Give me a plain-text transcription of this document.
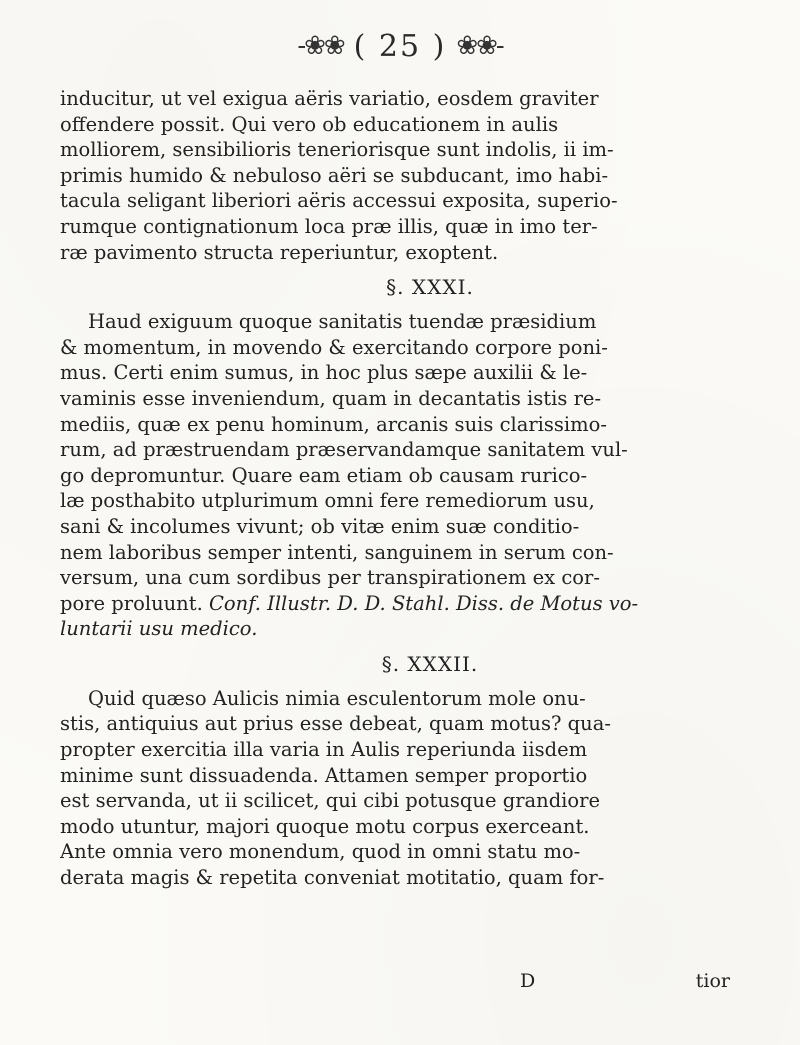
-❀❀ ( 25 ) ❀❀-
inducitur, ut vel exigua aëris variatio, eosdem graviter
offendere possit. Qui vero ob educationem in aulis
molliorem, sensibilioris teneriorisque sunt indolis, ii im-
primis humido & nebuloso aëri se subducant, imo habi-
tacula seligant liberiori aëris accessui exposita, superio-
rumque contignationum loca præ illis, quæ in imo ter-
ræ pavimento structa reperiuntur, exoptent.
§. XXXI.
Haud exiguum quoque sanitatis tuendæ præsidium
& momentum, in movendo & exercitando corpore poni-
mus. Certi enim sumus, in hoc plus sæpe auxilii & le-
vaminis esse inveniendum, quam in decantatis istis re-
mediis, quæ ex penu hominum, arcanis suis clarissimo-
rum, ad præstruendam præservandamque sanitatem vul-
go depromuntur. Quare eam etiam ob causam rurico-
læ posthabito utplurimum omni fere remediorum usu,
sani & incolumes vivunt; ob vitæ enim suæ conditio-
nem laboribus semper intenti, sanguinem in serum con-
versum, una cum sordibus per transpirationem ex cor-
pore proluunt. Conf. Illustr. D. D. Stahl. Diss. de Motus vo-
luntarii usu medico.
§. XXXII.
Quid quæso Aulicis nimia esculentorum mole onu-
stis, antiquius aut prius esse debeat, quam motus? qua-
propter exercitia illa varia in Aulis reperiunda iisdem
minime sunt dissuadenda. Attamen semper proportio
est servanda, ut ii scilicet, qui cibi potusque grandiore
modo utuntur, majori quoque motu corpus exerceant.
Ante omnia vero monendum, quod in omni statu mo-
derata magis & repetita conveniat motitatio, quam for-
D	tior
